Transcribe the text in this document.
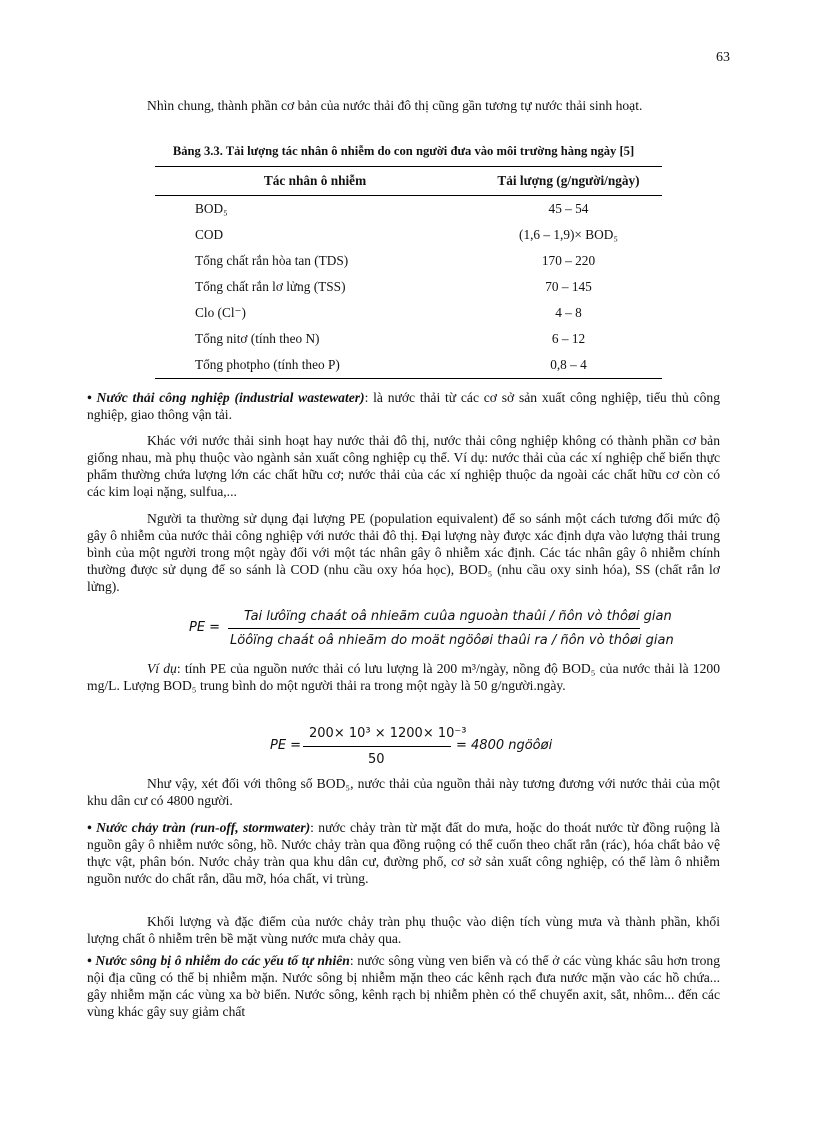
63
Nhìn chung, thành phần cơ bản của nước thải đô thị cũng gần tương tự nước thải sinh hoạt.
Bảng 3.3. Tải lượng tác nhân ô nhiễm do con người đưa vào môi trường hàng ngày [5]
Tác nhân ô nhiễm	Tải lượng (g/người/ngày)
BOD₅	45 – 54
COD	(1,6 – 1,9)× BOD₅
Tổng chất rắn hòa tan (TDS)	170 – 220
Tổng chất rắn lơ lửng (TSS)	70 – 145
Clo (Cl⁻)	4 – 8
Tổng nitơ (tính theo N)	6 – 12
Tổng photpho (tính theo P)	0,8 – 4
• Nước thải công nghiệp (industrial wastewater): là nước thải từ các cơ sở sản xuất công nghiệp, tiểu thủ công nghiệp, giao thông vận tải.
Khác với nước thải sinh hoạt hay nước thải đô thị, nước thải công nghiệp không có thành phần cơ bản giống nhau, mà phụ thuộc vào ngành sản xuất công nghiệp cụ thể. Ví dụ: nước thải của các xí nghiệp chế biến thực phẩm thường chứa lượng lớn các chất hữu cơ; nước thải của các xí nghiệp thuộc da ngoài các chất hữu cơ còn có các kim loại nặng, sulfua,...
Người ta thường sử dụng đại lượng PE (population equivalent) để so sánh một cách tương đối mức độ gây ô nhiễm của nước thải công nghiệp với nước thải đô thị. Đại lượng này được xác định dựa vào lượng thải trung bình của một người trong một ngày đối với một tác nhân gây ô nhiễm xác định. Các tác nhân gây ô nhiễm chính thường được sử dụng để so sánh là COD (nhu cầu oxy hóa học), BOD₅ (nhu cầu oxy sinh hóa), SS (chất rắn lơ lửng).
PE =
Tai lưôïng chaát oâ nhieãm cuûa nguoàn thaûi / ñôn vò thôøi gian
Löôïng chaát oâ nhieãm do moät ngöôøi thaûi ra / ñôn vò thôøi gian
Ví dụ: tính PE của nguồn nước thải có lưu lượng là 200 m³/ngày, nồng độ BOD₅ của nước thải là 1200 mg/L. Lượng BOD₅ trung bình do một người thải ra trong một ngày là 50 g/người.ngày.
PE =
200× 10³ × 1200× 10⁻³
50
= 4800 ngöôøi
Như vậy, xét đối với thông số BOD₅, nước thải của nguồn thải này tương đương với nước thải của một khu dân cư có 4800 người.
• Nước chảy tràn (run-off, stormwater): nước chảy tràn từ mặt đất do mưa, hoặc do thoát nước từ đồng ruộng là nguồn gây ô nhiễm nước sông, hồ. Nước chảy tràn qua đồng ruộng có thể cuốn theo chất rắn (rác), hóa chất bảo vệ thực vật, phân bón. Nước chảy tràn qua khu dân cư, đường phố, cơ sở sản xuất công nghiệp, có thể làm ô nhiễm nguồn nước do chất rắn, dầu mỡ, hóa chất, vi trùng.
Khối lượng và đặc điểm của nước chảy tràn phụ thuộc vào diện tích vùng mưa và thành phần, khối lượng chất ô nhiễm trên bề mặt vùng nước mưa chảy qua.
• Nước sông bị ô nhiễm do các yếu tố tự nhiên: nước sông vùng ven biển và có thể ở các vùng khác sâu hơn trong nội địa cũng có thể bị nhiễm mặn. Nước sông bị nhiễm mặn theo các kênh rạch đưa nước mặn vào các hồ chứa... gây nhiễm mặn các vùng xa bờ biển. Nước sông, kênh rạch bị nhiễm phèn có thể chuyển axit, sắt, nhôm... đến các vùng khác gây suy giảm chất
